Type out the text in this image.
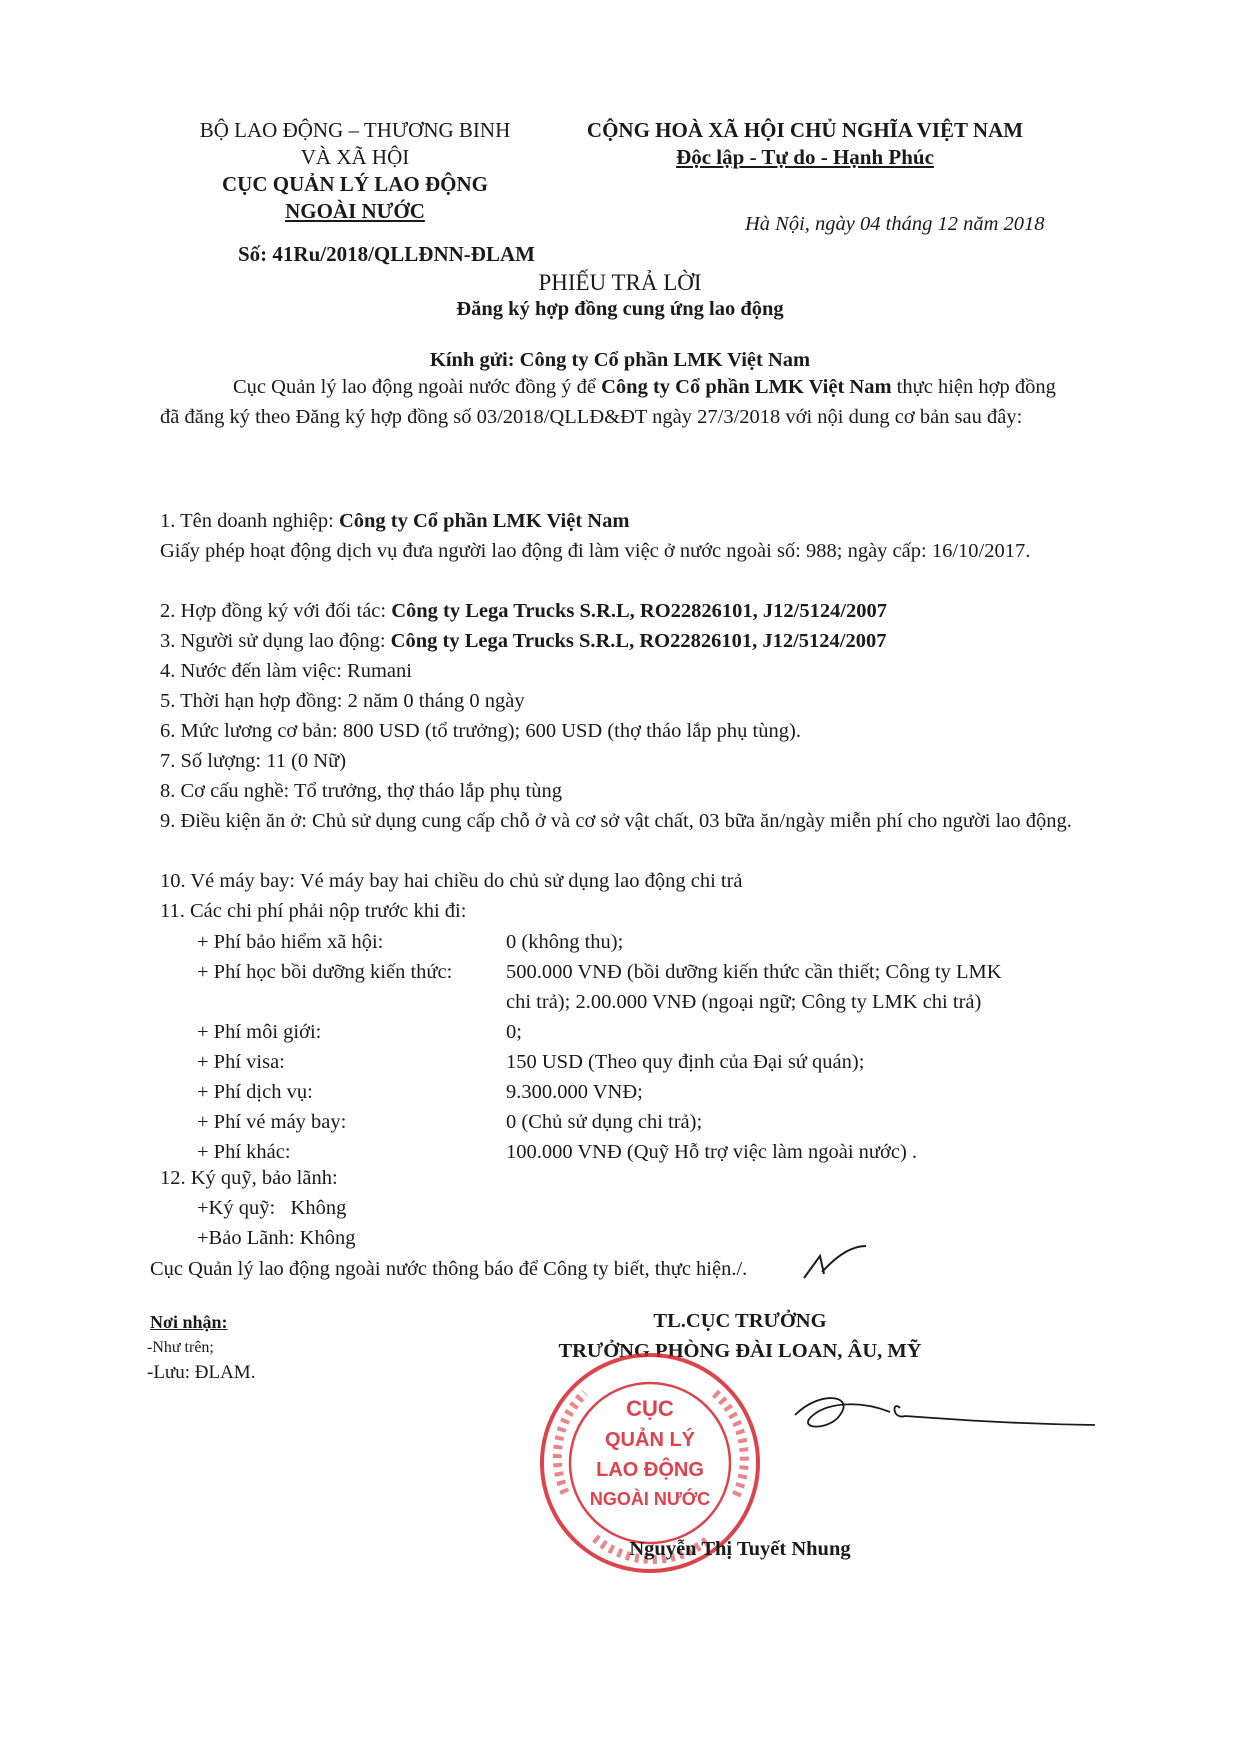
BỘ LAO ĐỘNG – THƯƠNG BINH
VÀ XÃ HỘI
CỤC QUẢN LÝ LAO ĐỘNG
NGOÀI NƯỚC
Số: 41Ru/2018/QLLĐNN-ĐLAM
CỘNG HOÀ XÃ HỘI CHỦ NGHĨA VIỆT NAM
Độc lập - Tự do - Hạnh Phúc
Hà Nội, ngày 04 tháng 12 năm 2018
PHIẾU TRẢ LỜI
Đăng ký hợp đồng cung ứng lao động
Kính gửi: Công ty Cổ phần LMK Việt Nam
Cục Quản lý lao động ngoài nước đồng ý để Công ty Cổ phần LMK Việt Nam thực hiện hợp đồng đã đăng ký theo Đăng ký hợp đồng số 03/2018/QLLĐ&ĐT ngày 27/3/2018 với nội dung cơ bản sau đây:
1. Tên doanh nghiệp: Công ty Cổ phần LMK Việt Nam
Giấy phép hoạt động dịch vụ đưa người lao động đi làm việc ở nước ngoài số: 988; ngày cấp: 16/10/2017.
2. Hợp đồng ký với đối tác: Công ty Lega Trucks S.R.L, RO22826101, J12/5124/2007
3. Người sử dụng lao động: Công ty Lega Trucks S.R.L, RO22826101, J12/5124/2007
4. Nước đến làm việc: Rumani
5. Thời hạn hợp đồng: 2 năm 0 tháng 0 ngày
6. Mức lương cơ bản: 800 USD (tổ trưởng); 600 USD (thợ tháo lắp phụ tùng).
7. Số lượng: 11 (0 Nữ)
8. Cơ cấu nghề: Tổ trưởng, thợ tháo lắp phụ tùng
9. Điều kiện ăn ở: Chủ sử dụng cung cấp chỗ ở và cơ sở vật chất, 03 bữa ăn/ngày miễn phí cho người lao động.
10. Vé máy bay: Vé máy bay hai chiều do chủ sử dụng lao động chi trả
11. Các chi phí phải nộp trước khi đi:
+ Phí bảo hiểm xã hội:	0 (không thu);
+ Phí học bồi dưỡng kiến thức:	500.000 VNĐ (bồi dưỡng kiến thức cần thiết; Công ty LMK
chi trả); 2.00.000 VNĐ (ngoại ngữ; Công ty LMK chi trả)
+ Phí môi giới:	0;
+ Phí visa:	150 USD (Theo quy định của Đại sứ quán);
+ Phí dịch vụ:	9.300.000 VNĐ;
+ Phí vé máy bay:	0 (Chủ sử dụng chi trả);
+ Phí khác:	100.000 VNĐ (Quỹ Hỗ trợ việc làm ngoài nước) .
12. Ký quỹ, bảo lãnh:
+Ký quỹ:   Không
+Bảo Lãnh: Không
Cục Quản lý lao động ngoài nước thông báo để Công ty biết, thực hiện./.
Nơi nhận:
-Như trên;
-Lưu: ĐLAM.
TL.CỤC TRƯỞNG
TRƯỞNG PHÒNG ĐÀI LOAN, ÂU, MỸ
CỤC
QUẢN LÝ
LAO ĐỘNG
NGOÀI NƯỚC
Nguyễn Thị Tuyết Nhung
